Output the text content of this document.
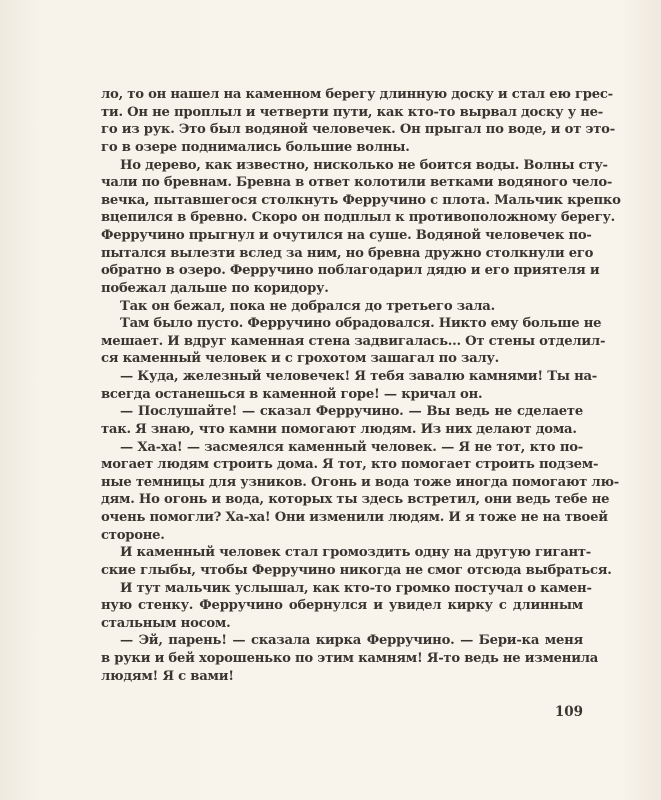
ло, то он нашел на каменном берегу длинную доску и стал ею грес-
ти. Он не проплыл и четверти пути, как кто-то вырвал доску у не-
го из рук. Это был водяной человечек. Он прыгал по воде, и от это-
го в озере поднимались большие волны.
Но дерево, как известно, нисколько не боится воды. Волны сту-
чали по бревнам. Бревна в ответ колотили ветками водяного чело-
вечка, пытавшегося столкнуть Ферручино с плота. Мальчик крепко
вцепился в бревно. Скоро он подплыл к противоположному берегу.
Ферручино прыгнул и очутился на суше. Водяной человечек по-
пытался вылезти вслед за ним, но бревна дружно столкнули его
обратно в озеро. Ферручино поблагодарил дядю и его приятеля и
побежал дальше по коридору.
Так он бежал, пока не добрался до третьего зала.
Там было пусто. Ферручино обрадовался. Никто ему больше не
мешает. И вдруг каменная стена задвигалась... От стены отделил-
ся каменный человек и с грохотом зашагал по залу.
— Куда, железный человечек! Я тебя завалю камнями! Ты на-
всегда останешься в каменной горе! — кричал он.
— Послушайте! — сказал Ферручино. — Вы ведь не сделаете
так. Я знаю, что камни помогают людям. Из них делают дома.
— Ха-ха! — засмеялся каменный человек. — Я не тот, кто по-
могает людям строить дома. Я тот, кто помогает строить подзем-
ные темницы для узников. Огонь и вода тоже иногда помогают лю-
дям. Но огонь и вода, которых ты здесь встретил, они ведь тебе не
очень помогли? Ха-ха! Они изменили людям. И я тоже не на твоей
стороне.
И каменный человек стал громоздить одну на другую гигант-
ские глыбы, чтобы Ферручино никогда не смог отсюда выбраться.
И тут мальчик услышал, как кто-то громко постучал о камен-
ную стенку. Ферручино обернулся и увидел кирку с длинным
стальным носом.
— Эй, парень! — сказала кирка Ферручино. — Бери-ка меня
в руки и бей хорошенько по этим камням! Я-то ведь не изменила
людям! Я с вами!
109
